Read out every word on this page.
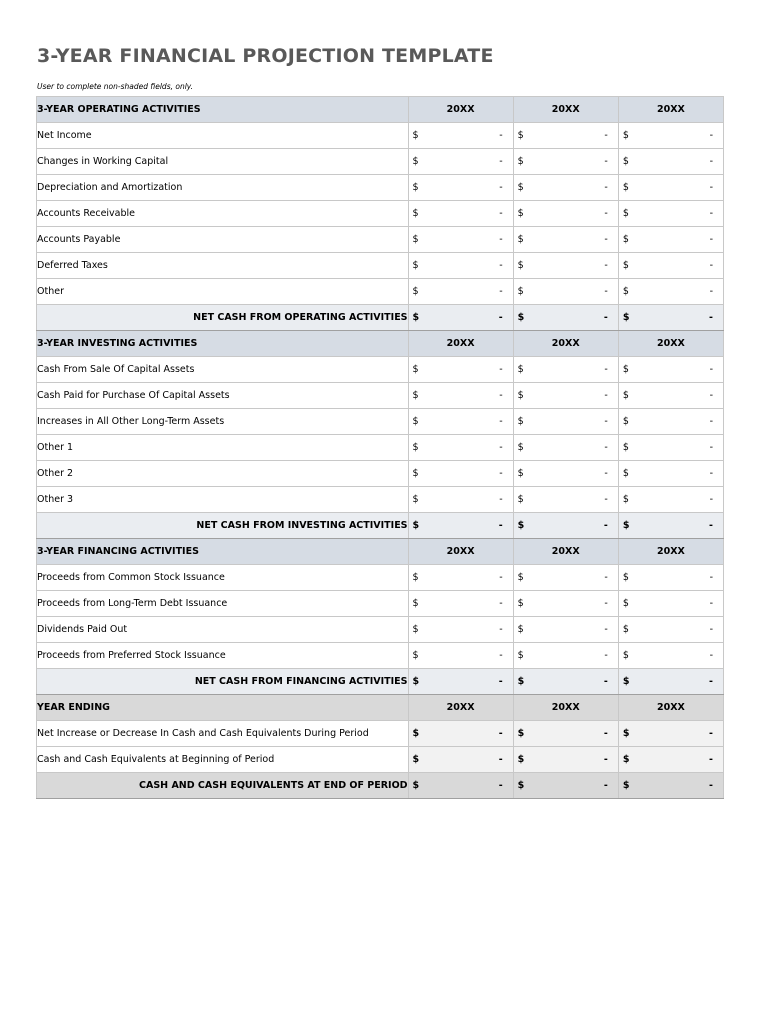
3-YEAR FINANCIAL PROJECTION TEMPLATE
User to complete non-shaded fields, only.
3-YEAR OPERATING ACTIVITIES	20XX	20XX	20XX
Net Income	$ -	$ -	$ -

Changes in Working Capital	$ -	$ -	$ -

Depreciation and Amortization	$ -	$ -	$ -

Accounts Receivable	$ -	$ -	$ -

Accounts Payable	$ -	$ -	$ -

Deferred Taxes	$ -	$ -	$ -

Other	$ -	$ -	$ -

NET CASH FROM OPERATING ACTIVITIES	$ -	$ -	$ -

3-YEAR INVESTING ACTIVITIES	20XX	20XX	20XX
Cash From Sale Of Capital Assets	$ -	$ -	$ -

Cash Paid for Purchase Of Capital Assets	$ -	$ -	$ -

Increases in All Other Long-Term Assets	$ -	$ -	$ -

Other 1	$ -	$ -	$ -

Other 2	$ -	$ -	$ -

Other 3	$ -	$ -	$ -

NET CASH FROM INVESTING ACTIVITIES	$ -	$ -	$ -

3-YEAR FINANCING ACTIVITIES	20XX	20XX	20XX
Proceeds from Common Stock Issuance	$ -	$ -	$ -

Proceeds from Long-Term Debt Issuance	$ -	$ -	$ -

Dividends Paid Out	$ -	$ -	$ -

Proceeds from Preferred Stock Issuance	$ -	$ -	$ -

NET CASH FROM FINANCING ACTIVITIES	$ -	$ -	$ -

YEAR ENDING	20XX	20XX	20XX
Net Increase or Decrease In Cash and Cash Equivalents During Period	$ -	$ -	$ -

Cash and Cash Equivalents at Beginning of Period	$ -	$ -	$ -

CASH AND CASH EQUIVALENTS AT END OF PERIOD	$ -	$ -	$ -
